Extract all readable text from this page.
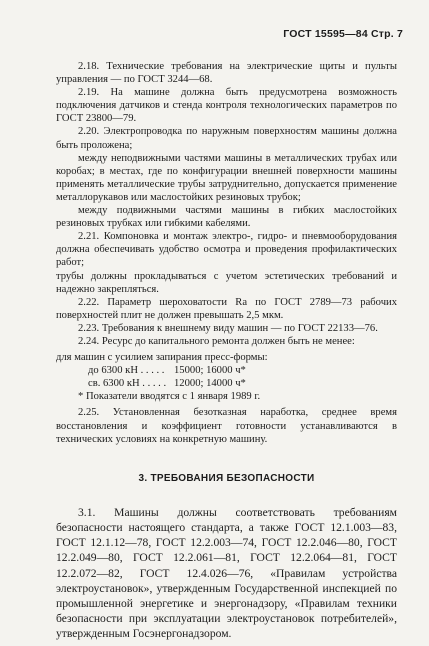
ГОСТ 15595—84 Стр. 7

2.18. Технические требования на электрические щиты и пульты управления — по ГОСТ 3244—68.

2.19. На машине должна быть предусмотрена возможность подключения датчиков и стенда контроля технологических параметров по ГОСТ 23800—79.

2.20. Электропроводка по наружным поверхностям машины должна быть проложена;

между неподвижными частями машины в металлических трубах или коробах; в местах, где по конфигурации внешней поверхности машины применять металлические трубы затруднительно, допускается применение металлорукавов или маслостойких резиновых трубок;

между подвижными частями машины в гибких маслостойких резиновых трубках или гибкими кабелями.

2.21. Компоновка и монтаж электро-, гидро- и пневмооборудования должна обеспечивать удобство осмотра и проведения профилактических работ;

трубы должны прокладываться с учетом эстетических требований и надежно закрепляться.

2.22. Параметр шероховатости Ra по ГОСТ 2789—73 рабочих поверхностей плит не должен превышать 2,5 мкм.

2.23. Требования к внешнему виду машин — по ГОСТ 22133—76.

2.24. Ресурс до капитального ремонта должен быть не менее:

для машин с усилием запирания пресс-формы:

до 6300 кН . . . . . 15000; 16000 ч*
св. 6300 кН . . . . . 12000; 14000 ч*

* Показатели вводятся с 1 января 1989 г.

2.25. Установленная безотказная наработка, среднее время восстановления и коэффициент готовности устанавливаются в технических условиях на конкретную машину.

3. ТРЕБОВАНИЯ БЕЗОПАСНОСТИ

3.1. Машины должны соответствовать требованиям безопасности настоящего стандарта, а также ГОСТ 12.1.003—83, ГОСТ 12.1.12—78, ГОСТ 12.2.003—74, ГОСТ 12.2.046—80, ГОСТ 12.2.049—80, ГОСТ 12.2.061—81, ГОСТ 12.2.064—81, ГОСТ 12.2.072—82, ГОСТ 12.4.026—76, «Правилам устройства электроустановок», утвержденным Государственной инспекцией по промышленной энергетике и энергонадзору, «Правилам техники безопасности при эксплуатации электроустановок потребителей», утвержденным Госэнергонадзором.
